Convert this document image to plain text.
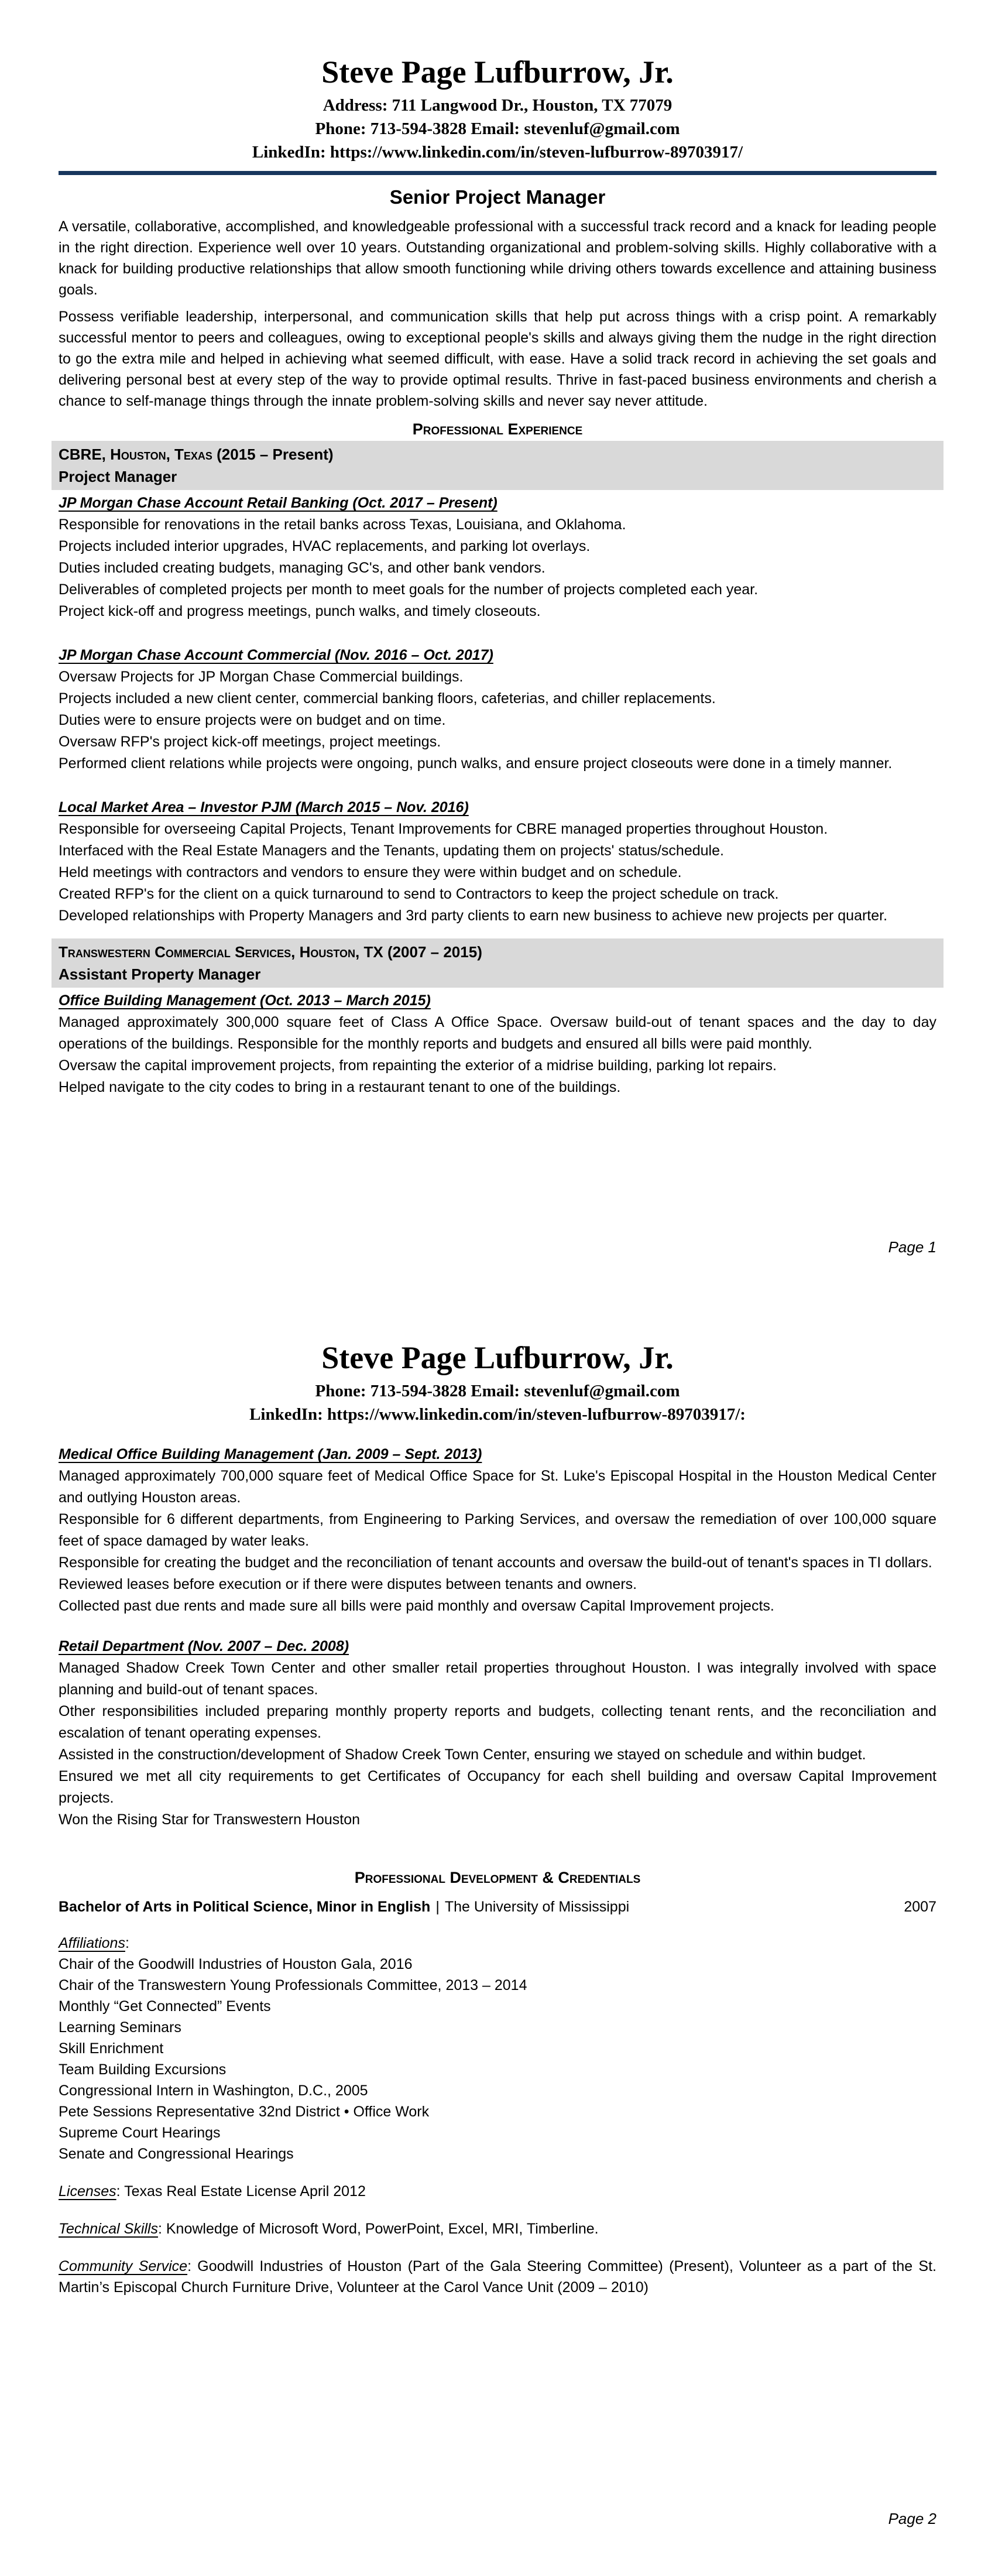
Steve Page Lufburrow, Jr.

Address: 711 Langwood Dr., Houston, TX 77079

Phone: 713-594-3828 Email: stevenluf@gmail.com

LinkedIn: https://www.linkedin.com/in/steven-lufburrow-89703917/

Senior Project Manager

A versatile, collaborative, accomplished, and knowledgeable professional with a successful track record and a knack for leading people in the right direction. Experience well over 10 years. Outstanding organizational and problem-solving skills. Highly collaborative with a knack for building productive relationships that allow smooth functioning while driving others towards excellence and attaining business goals.

Possess verifiable leadership, interpersonal, and communication skills that help put across things with a crisp point. A remarkably successful mentor to peers and colleagues, owing to exceptional people's skills and always giving them the nudge in the right direction to go the extra mile and helped in achieving what seemed difficult, with ease. Have a solid track record in achieving the set goals and delivering personal best at every step of the way to provide optimal results. Thrive in fast-paced business environments and cherish a chance to self-manage things through the innate problem-solving skills and never say never attitude.

Professional Experience

CBRE, Houston, Texas (2015 – Present)

Project Manager

JP Morgan Chase Account Retail Banking (Oct. 2017 – Present)

Responsible for renovations in the retail banks across Texas, Louisiana, and Oklahoma.

Projects included interior upgrades, HVAC replacements, and parking lot overlays.

Duties included creating budgets, managing GC's, and other bank vendors.

Deliverables of completed projects per month to meet goals for the number of projects completed each year.

Project kick-off and progress meetings, punch walks, and timely closeouts.

JP Morgan Chase Account Commercial (Nov. 2016 – Oct. 2017)

Oversaw Projects for JP Morgan Chase Commercial buildings.

Projects included a new client center, commercial banking floors, cafeterias, and chiller replacements.

Duties were to ensure projects were on budget and on time.

Oversaw RFP's project kick-off meetings, project meetings.

Performed client relations while projects were ongoing, punch walks, and ensure project closeouts were done in a timely manner.

Local Market Area – Investor PJM (March 2015 – Nov. 2016)

Responsible for overseeing Capital Projects, Tenant Improvements for CBRE managed properties throughout Houston.

Interfaced with the Real Estate Managers and the Tenants, updating them on projects' status/schedule.

Held meetings with contractors and vendors to ensure they were within budget and on schedule.

Created RFP's for the client on a quick turnaround to send to Contractors to keep the project schedule on track.

Developed relationships with Property Managers and 3rd party clients to earn new business to achieve new projects per quarter.

Transwestern Commercial Services, Houston, TX (2007 – 2015)

Assistant Property Manager

Office Building Management (Oct. 2013 – March 2015)

Managed approximately 300,000 square feet of Class A Office Space. Oversaw build-out of tenant spaces and the day to day operations of the buildings. Responsible for the monthly reports and budgets and ensured all bills were paid monthly.

Oversaw the capital improvement projects, from repainting the exterior of a midrise building, parking lot repairs.

Helped navigate to the city codes to bring in a restaurant tenant to one of the buildings.

Page 1
Steve Page Lufburrow, Jr.

Phone: 713-594-3828 Email: stevenluf@gmail.com

LinkedIn: https://www.linkedin.com/in/steven-lufburrow-89703917/:

Medical Office Building Management (Jan. 2009 – Sept. 2013)

Managed approximately 700,000 square feet of Medical Office Space for St. Luke's Episcopal Hospital in the Houston Medical Center and outlying Houston areas.

Responsible for 6 different departments, from Engineering to Parking Services, and oversaw the remediation of over 100,000 square feet of space damaged by water leaks.

Responsible for creating the budget and the reconciliation of tenant accounts and oversaw the build-out of tenant's spaces in TI dollars.

Reviewed leases before execution or if there were disputes between tenants and owners.

Collected past due rents and made sure all bills were paid monthly and oversaw Capital Improvement projects.

Retail Department (Nov. 2007 – Dec. 2008)

Managed Shadow Creek Town Center and other smaller retail properties throughout Houston. I was integrally involved with space planning and build-out of tenant spaces.

Other responsibilities included preparing monthly property reports and budgets, collecting tenant rents, and the reconciliation and escalation of tenant operating expenses.

Assisted in the construction/development of Shadow Creek Town Center, ensuring we stayed on schedule and within budget.

Ensured we met all city requirements to get Certificates of Occupancy for each shell building and oversaw Capital Improvement projects.

Won the Rising Star for Transwestern Houston

Professional Development & Credentials
Bachelor of Arts in Political Science, Minor in English | The University of Mississippi	2007

Affiliations:

Chair of the Goodwill Industries of Houston Gala, 2016

Chair of the Transwestern Young Professionals Committee, 2013 – 2014

Monthly “Get Connected” Events

Learning Seminars

Skill Enrichment

Team Building Excursions

Congressional Intern in Washington, D.C., 2005

Pete Sessions Representative 32nd District • Office Work

Supreme Court Hearings

Senate and Congressional Hearings

Licenses: Texas Real Estate License April 2012

Technical Skills: Knowledge of Microsoft Word, PowerPoint, Excel, MRI, Timberline.

Community Service: Goodwill Industries of Houston (Part of the Gala Steering Committee) (Present), Volunteer as a part of the St. Martin’s Episcopal Church Furniture Drive, Volunteer at the Carol Vance Unit (2009 – 2010)

Page 2
